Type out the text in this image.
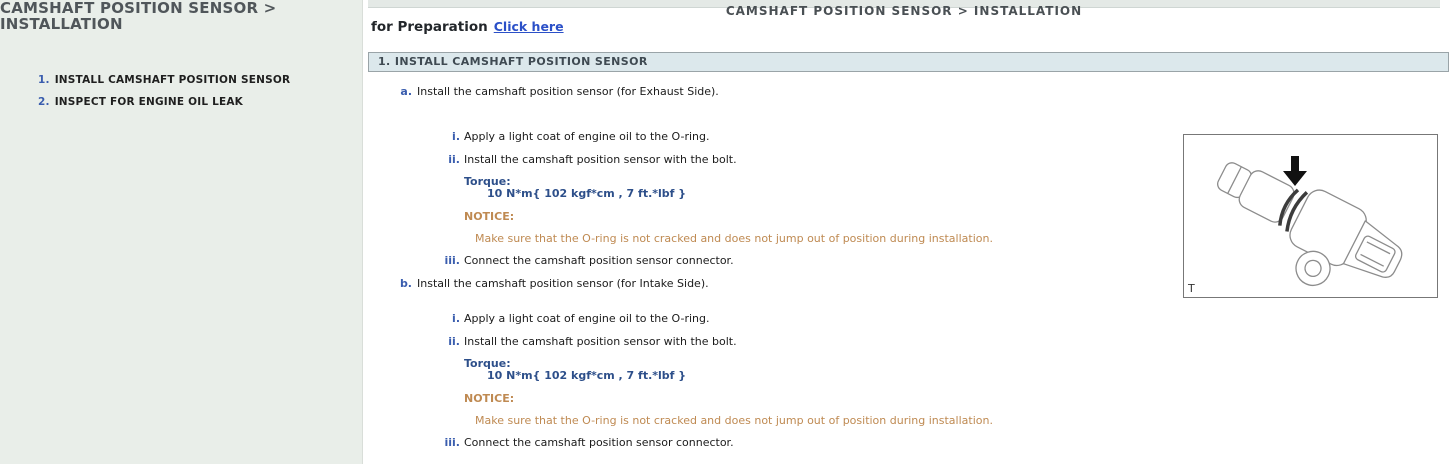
CAMSHAFT POSITION SENSOR > INSTALLATION
1. INSTALL CAMSHAFT POSITION SENSOR
2. INSPECT FOR ENGINE OIL LEAK
CAMSHAFT POSITION SENSOR > INSTALLATION
for Preparation Click here
1. INSTALL CAMSHAFT POSITION SENSOR
a. Install the camshaft position sensor (for Exhaust Side).
i. Apply a light coat of engine oil to the O-ring.
ii. Install the camshaft position sensor with the bolt.
Torque:
10 N*m{ 102 kgf*cm , 7 ft.*lbf }
NOTICE:
Make sure that the O-ring is not cracked and does not jump out of position during installation.
iii. Connect the camshaft position sensor connector.
b. Install the camshaft position sensor (for Intake Side).
i. Apply a light coat of engine oil to the O-ring.
ii. Install the camshaft position sensor with the bolt.
Torque:
10 N*m{ 102 kgf*cm , 7 ft.*lbf }
NOTICE:
Make sure that the O-ring is not cracked and does not jump out of position during installation.
iii. Connect the camshaft position sensor connector.
T
